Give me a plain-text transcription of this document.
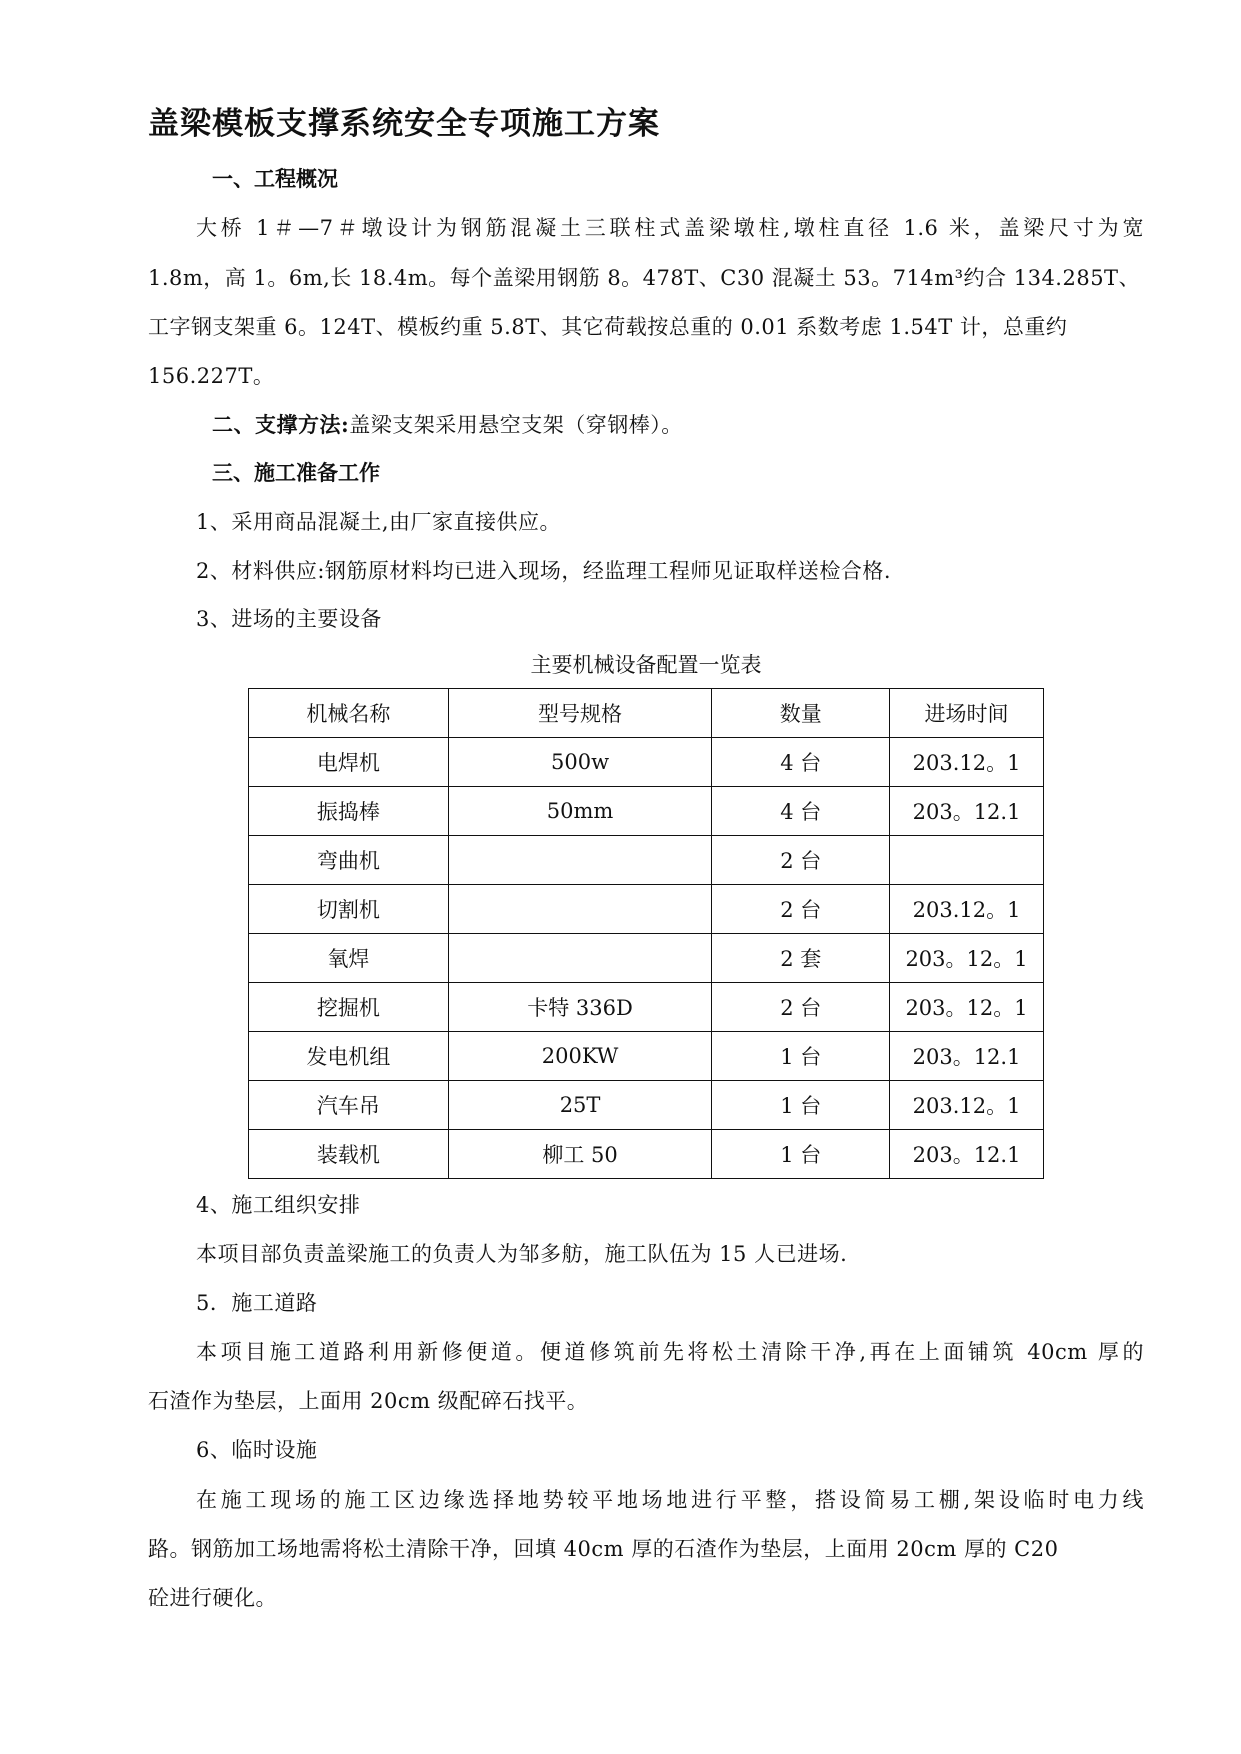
盖梁模板支撑系统安全专项施工方案
一、工程概况
大桥 1＃—7＃墩设计为钢筋混凝土三联柱式盖梁墩柱,墩柱直径 1.6 米，盖梁尺寸为宽
1.8m，高 1。6m,长 18.4m。每个盖梁用钢筋 8。478T、C30 混凝土 53。714m³约合 134.285T、
工字钢支架重 6。124T、模板约重 5.8T、其它荷载按总重的 0.01 系数考虑 1.54T 计，总重约
156.227T。
二、支撑方法:盖梁支架采用悬空支架（穿钢棒）。
三、施工准备工作
1、采用商品混凝土,由厂家直接供应。
2、材料供应:钢筋原材料均已进入现场，经监理工程师见证取样送检合格.
3、进场的主要设备
主要机械设备配置一览表
机械名称	型号规格	数量	进场时间
电焊机	500w	4 台	203.12。1
振捣棒	50mm	4 台	203。12.1
弯曲机		2 台	
切割机		2 台	203.12。1
氧焊		2 套	203。12。1
挖掘机	卡特 336D	2 台	203。12。1
发电机组	200KW	1 台	203。12.1
汽车吊	25T	1 台	203.12。1
装载机	柳工 50	1 台	203。12.1
4、施工组织安排
本项目部负责盖梁施工的负责人为邹多舫，施工队伍为 15 人已进场.
5．施工道路
本项目施工道路利用新修便道。便道修筑前先将松土清除干净,再在上面铺筑 40cm 厚的
石渣作为垫层，上面用 20cm 级配碎石找平。
6、临时设施
在施工现场的施工区边缘选择地势较平地场地进行平整，搭设简易工棚,架设临时电力线
路。钢筋加工场地需将松土清除干净，回填 40cm 厚的石渣作为垫层，上面用 20cm 厚的 C20
砼进行硬化。
